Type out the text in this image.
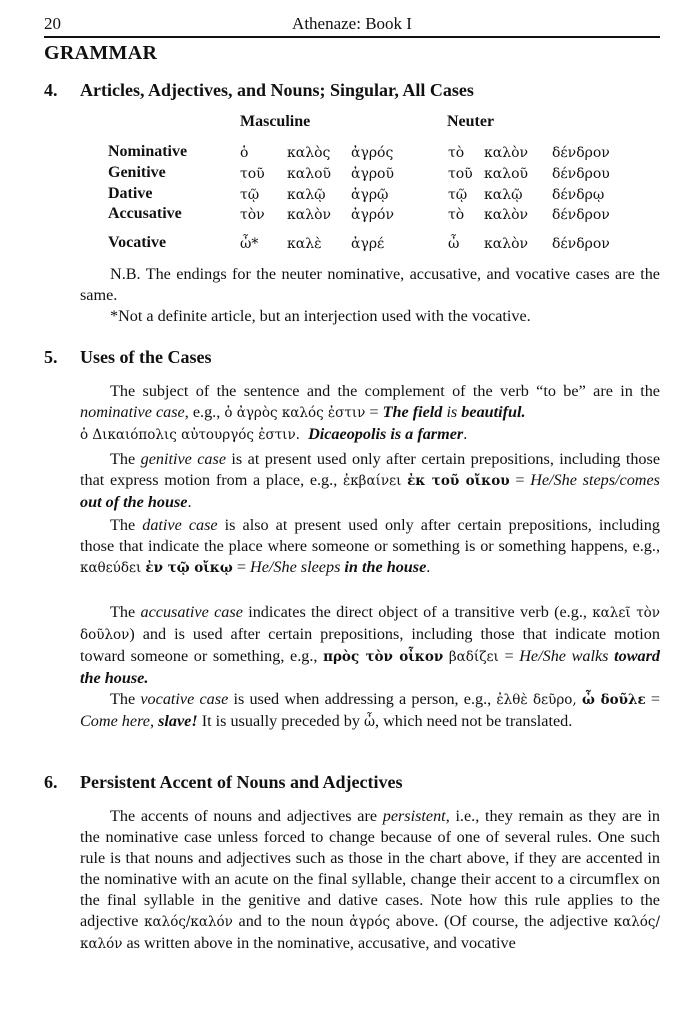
20	Athenaze: Book I
GRAMMAR
4. Articles, Adjectives, and Nouns; Singular, All Cases
Masculine	Neuter
Nominative	ὁ	καλὸς ἀγρός	τὸ καλὸν δένδρον
Genitive	τοῦ καλοῦ ἀγροῦ	τοῦ καλοῦ δένδρου
Dative	τῷ καλῷ ἀγρῷ	τῷ καλῷ δένδρῳ
Accusative	τὸν καλὸν ἀγρόν	τὸ καλὸν δένδρον
Vocative	ὦ* καλὲ ἀγρέ	ὦ καλὸν δένδρον

N.B. The endings for the neuter nominative, accusative, and vocative cases are the same.

*Not a definite article, but an interjection used with the vocative.

5. Uses of the Cases

The subject of the sentence and the complement of the verb “to be” are in the nominative case, e.g., ὁ ἀγρὸς καλός ἐστιν = The field is beautiful.
ὁ Δικαιόπολις αὐτουργός ἐστιν. Dicaeopolis is a farmer.

The genitive case is at present used only after certain prepositions, including those that express motion from a place, e.g., ἐκβαίνει ἐκ τοῦ οἴκου = He/She steps/comes out of the house.

The dative case is also at present used only after certain prepositions, including those that indicate the place where someone or something is or something happens, e.g., καθεύδει ἐν τῷ οἴκῳ = He/She sleeps in the house.

The accusative case indicates the direct object of a transitive verb (e.g., καλεῖ τὸν δοῦλον) and is used after certain prepositions, including those that indicate motion toward someone or something, e.g., πρὸς τὸν οἶκον βαδίζει = He/She walks toward the house.

The vocative case is used when addressing a person, e.g., ἐλθὲ δεῦρο, ὦ δοῦλε = Come here, slave! It is usually preceded by ὦ, which need not be translated.

6. Persistent Accent of Nouns and Adjectives

The accents of nouns and adjectives are persistent, i.e., they remain as they are in the nominative case unless forced to change because of one of several rules. One such rule is that nouns and adjectives such as those in the chart above, if they are accented in the nominative with an acute on the final syllable, change their accent to a circumflex on the final syllable in the genitive and dative cases. Note how this rule applies to the adjective καλός/καλόν and to the noun ἀγρός above. (Of course, the adjective καλός/καλόν as written above in the nominative, accusative, and vocative
